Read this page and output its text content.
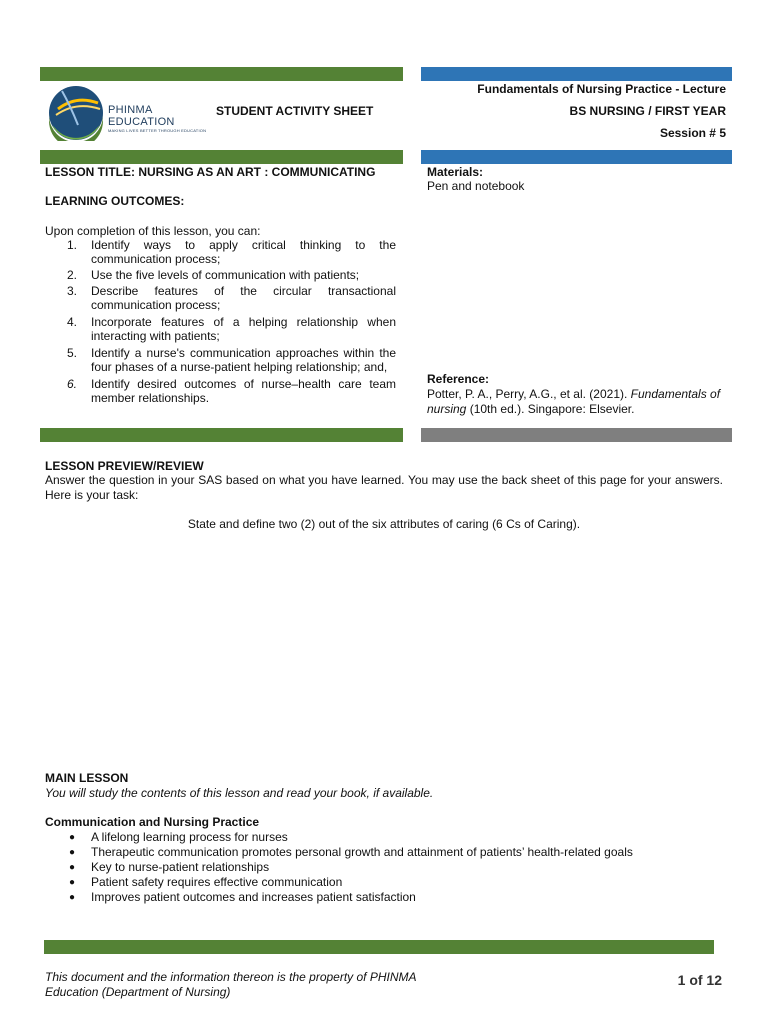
PHINMA EDUCATION
MAKING LIVES BETTER THROUGH EDUCATION
STUDENT ACTIVITY SHEET
Fundamentals of Nursing Practice - Lecture
BS NURSING / FIRST YEAR
Session # 5
LESSON TITLE: NURSING AS AN ART : COMMUNICATING
LEARNING OUTCOMES:
Upon completion of this lesson, you can:
1. Identify ways to apply critical thinking to the communication process;
2. Use the five levels of communication with patients;
3. Describe features of the circular transactional communication process;
4. Incorporate features of a helping relationship when interacting with patients;
5. Identify a nurse's communication approaches within the four phases of a nurse-patient helping relationship; and,
6. Identify desired outcomes of nurse–health care team member relationships.
Materials:
Pen and notebook
Reference:
Potter, P. A., Perry, A.G., et al. (2021). Fundamentals of nursing (10th ed.). Singapore: Elsevier.
LESSON PREVIEW/REVIEW
Answer the question in your SAS based on what you have learned. You may use the back sheet of this page for your answers. Here is your task:
State and define two (2) out of the six attributes of caring (6 Cs of Caring).
MAIN LESSON
You will study the contents of this lesson and read your book, if available.
Communication and Nursing Practice
● A lifelong learning process for nurses
● Therapeutic communication promotes personal growth and attainment of patients’ health-related goals
● Key to nurse-patient relationships
● Patient safety requires effective communication
● Improves patient outcomes and increases patient satisfaction
This document and the information thereon is the property of PHINMA Education (Department of Nursing)
1 of 12
